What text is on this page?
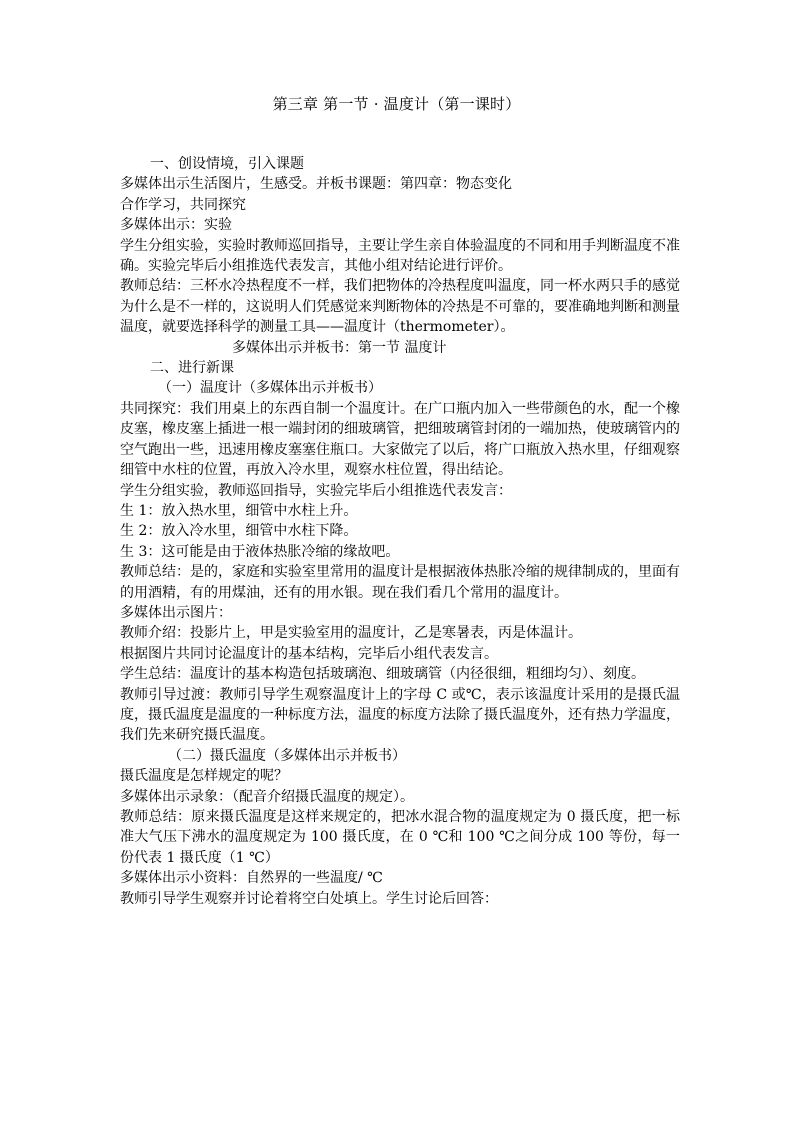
第三章 第一节 · 温度计（第一课时）

一、创设情境，引入课题

多媒体出示生活图片，生感受。并板书课题：第四章：物态变化

合作学习，共同探究

多媒体出示：实验

学生分组实验，实验时教师巡回指导，主要让学生亲自体验温度的不同和用手判断温度不准确。实验完毕后小组推选代表发言，其他小组对结论进行评价。

教师总结：三杯水冷热程度不一样，我们把物体的冷热程度叫温度，同一杯水两只手的感觉为什么是不一样的，这说明人们凭感觉来判断物体的冷热是不可靠的，要准确地判断和测量温度，就要选择科学的测量工具——温度计（thermometer）。

多媒体出示并板书：第一节 温度计

二、进行新课

（一）温度计（多媒体出示并板书）

共同探究：我们用桌上的东西自制一个温度计。在广口瓶内加入一些带颜色的水，配一个橡皮塞，橡皮塞上插进一根一端封闭的细玻璃管，把细玻璃管封闭的一端加热，使玻璃管内的空气跑出一些，迅速用橡皮塞塞住瓶口。大家做完了以后，将广口瓶放入热水里，仔细观察细管中水柱的位置，再放入冷水里，观察水柱位置，得出结论。

学生分组实验，教师巡回指导，实验完毕后小组推选代表发言：

生 1：放入热水里，细管中水柱上升。

生 2：放入冷水里，细管中水柱下降。

生 3：这可能是由于液体热胀冷缩的缘故吧。

教师总结：是的，家庭和实验室里常用的温度计是根据液体热胀冷缩的规律制成的，里面有的用酒精，有的用煤油，还有的用水银。现在我们看几个常用的温度计。

多媒体出示图片：

教师介绍：投影片上，甲是实验室用的温度计，乙是寒暑表，丙是体温计。

根据图片共同讨论温度计的基本结构，完毕后小组代表发言。

学生总结：温度计的基本构造包括玻璃泡、细玻璃管（内径很细，粗细均匀）、刻度。

教师引导过渡：教师引导学生观察温度计上的字母 C 或℃，表示该温度计采用的是摄氏温度，摄氏温度是温度的一种标度方法，温度的标度方法除了摄氏温度外，还有热力学温度，我们先来研究摄氏温度。

（二）摄氏温度（多媒体出示并板书）

摄氏温度是怎样规定的呢？

多媒体出示录象：（配音介绍摄氏温度的规定）。

教师总结：原来摄氏温度是这样来规定的，把冰水混合物的温度规定为 0 摄氏度，把一标准大气压下沸水的温度规定为 100 摄氏度，在 0 ℃和 100 ℃之间分成 100 等份，每一份代表 1 摄氏度（1 ℃）

多媒体出示小资料：自然界的一些温度/ ℃

教师引导学生观察并讨论着将空白处填上。学生讨论后回答：
